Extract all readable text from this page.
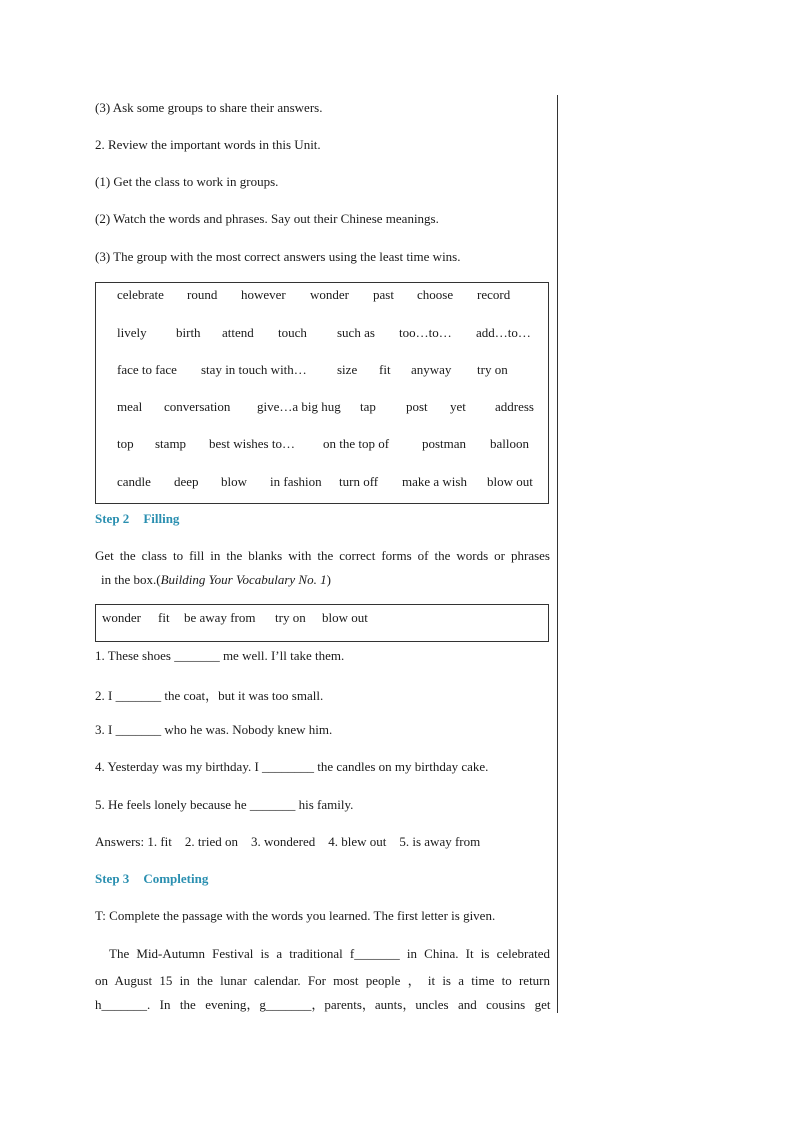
(3) Ask some groups to share their answers.
2. Review the important words in this Unit.
(1) Get the class to work in groups.
(2) Watch the words and phrases. Say out their Chinese meanings.
(3) The group with the most correct answers using the least time wins.
celebrate round however wonder past choose record
lively birth attend touch such as too…to… add…to…
face to face stay in touch with… size fit anyway try on
meal conversation give…a big hug tap post yet address
top stamp best wishes to… on the top of	postman balloon
candle deep blow in fashion turn off make a wish blow out
Step 2 Filling
Get the class to fill in the blanks with the correct forms of the words or phrases
in the box.(Building Your Vocabulary No. 1)
wonder fit be away from try on blow out
1. These shoes _______ me well. I’ll take them.
2. I _______ the coat，but it was too small.
3. I _______ who he was. Nobody knew him.
4. Yesterday was my birthday. I ________ the candles on my birthday cake.
5. He feels lonely because he _______ his family.
Answers: 1. fit    2. tried on    3. wondered    4. blew out    5. is away from
Step 3 Completing
T: Complete the passage with the words you learned. The first letter is given.
The Mid-Autumn Festival is a traditional f_______ in China. It is celebrated
on August 15 in the lunar calendar. For most people ， it is a time to return
h_______. In the evening，g_______，parents，aunts，uncles and cousins get
